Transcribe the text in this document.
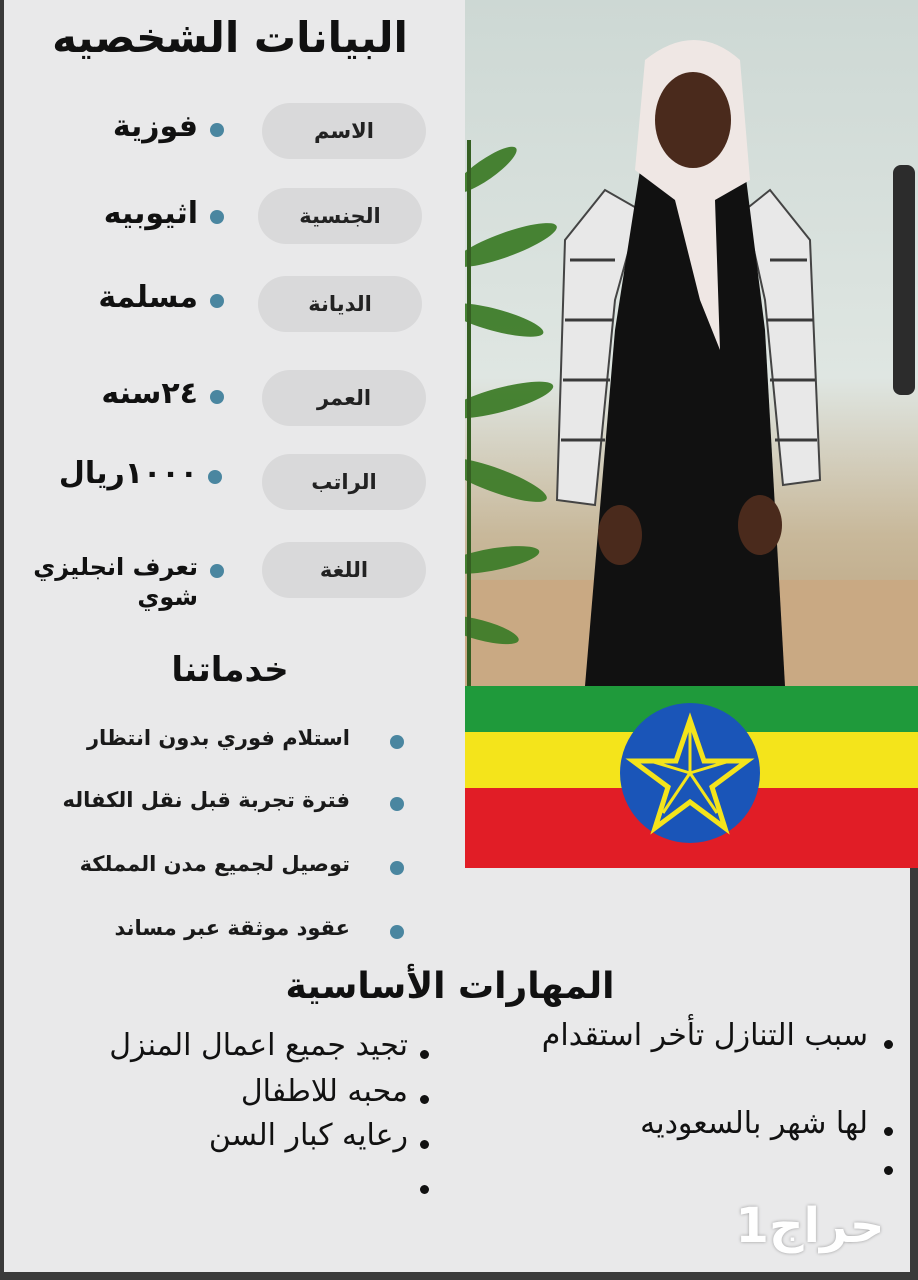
البيانات الشخصيه
الاسم
فوزية
الجنسية
اثيوبيه
الديانة
مسلمة
العمر
٢٤سنه
الراتب
١٠٠٠ريال
اللغة
تعرف انجليزي شوي
خدماتنا
استلام فوري بدون انتظار
فترة تجربة قبل نقل الكفاله
توصيل لجميع مدن المملكة
عقود موثقة عبر مساند
المهارات الأساسية
تجيد جميع اعمال المنزل
محبه للاطفال
رعايه كبار السن
سبب التنازل تأخر استقدام
لها شهر بالسعوديه
حراج1
